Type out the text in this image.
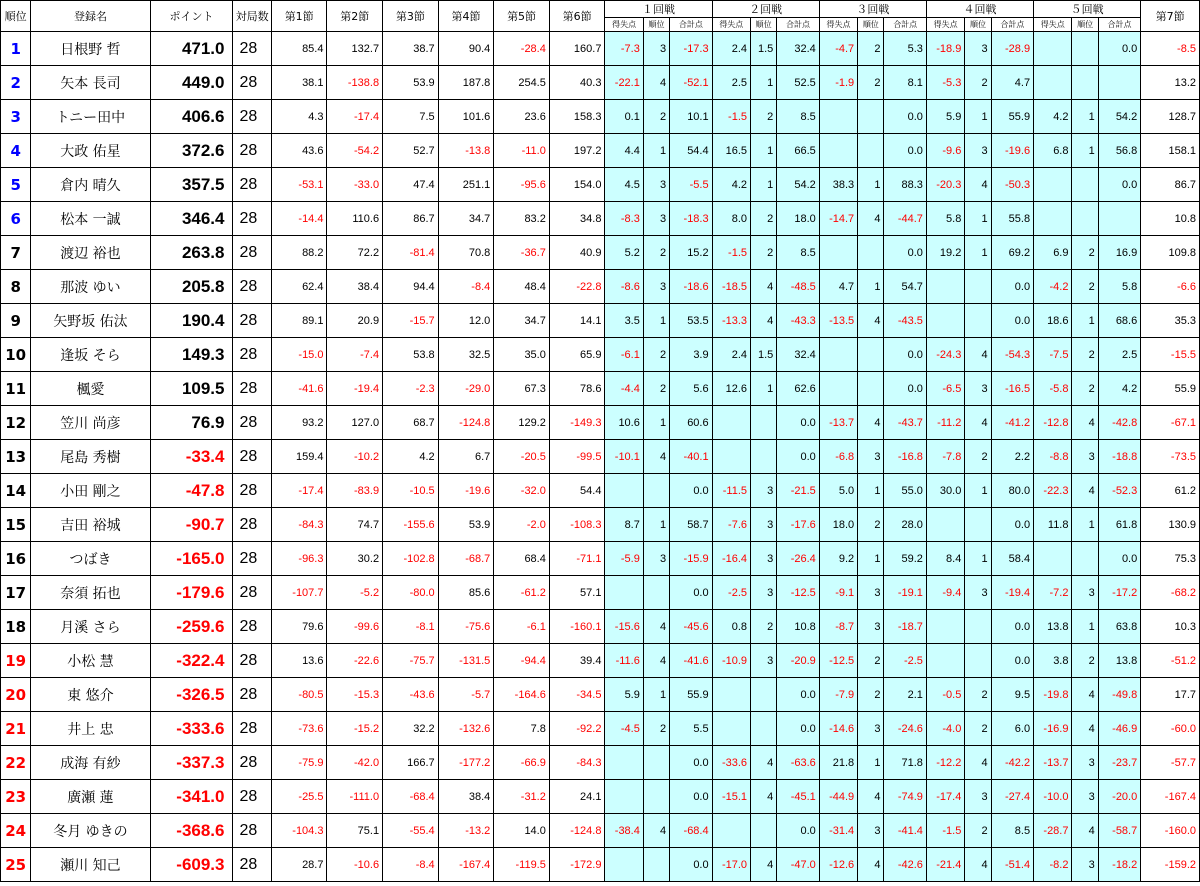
順位	登録名	ポイント	対局数	第1節	第2節	第3節	第4節	第5節	第6節	１回戦			２回戦			３回戦			４回戦			５回戦			第7節
										得失点	順位	合計点	得失点	順位	合計点	得失点	順位	合計点	得失点	順位	合計点	得失点	順位	合計点	
1	日根野 哲	471.0	28	85.4	132.7	38.7	90.4	-28.4	160.7	-7.3	3	-17.3	2.4	1.5	32.4	-4.7	2	5.3	-18.9	3	-28.9			0.0	-8.5
2	矢本 長司	449.0	28	38.1	-138.8	53.9	187.8	254.5	40.3	-22.1	4	-52.1	2.5	1	52.5	-1.9	2	8.1	-5.3	2	4.7				13.2
3	トニー田中	406.6	28	4.3	-17.4	7.5	101.6	23.6	158.3	0.1	2	10.1	-1.5	2	8.5			0.0	5.9	1	55.9	4.2	1	54.2	128.7
4	大政 佑星	372.6	28	43.6	-54.2	52.7	-13.8	-11.0	197.2	4.4	1	54.4	16.5	1	66.5			0.0	-9.6	3	-19.6	6.8	1	56.8	158.1
5	倉内 晴久	357.5	28	-53.1	-33.0	47.4	251.1	-95.6	154.0	4.5	3	-5.5	4.2	1	54.2	38.3	1	88.3	-20.3	4	-50.3			0.0	86.7
6	松本 一誠	346.4	28	-14.4	110.6	86.7	34.7	83.2	34.8	-8.3	3	-18.3	8.0	2	18.0	-14.7	4	-44.7	5.8	1	55.8				10.8
7	渡辺 裕也	263.8	28	88.2	72.2	-81.4	70.8	-36.7	40.9	5.2	2	15.2	-1.5	2	8.5			0.0	19.2	1	69.2	6.9	2	16.9	109.8
8	那波 ゆい	205.8	28	62.4	38.4	94.4	-8.4	48.4	-22.8	-8.6	3	-18.6	-18.5	4	-48.5	4.7	1	54.7			0.0	-4.2	2	5.8	-6.6
9	矢野坂 佑汰	190.4	28	89.1	20.9	-15.7	12.0	34.7	14.1	3.5	1	53.5	-13.3	4	-43.3	-13.5	4	-43.5			0.0	18.6	1	68.6	35.3
10	逢坂 そら	149.3	28	-15.0	-7.4	53.8	32.5	35.0	65.9	-6.1	2	3.9	2.4	1.5	32.4			0.0	-24.3	4	-54.3	-7.5	2	2.5	-15.5
11	楓愛	109.5	28	-41.6	-19.4	-2.3	-29.0	67.3	78.6	-4.4	2	5.6	12.6	1	62.6			0.0	-6.5	3	-16.5	-5.8	2	4.2	55.9
12	笠川 尚彦	76.9	28	93.2	127.0	68.7	-124.8	129.2	-149.3	10.6	1	60.6			0.0	-13.7	4	-43.7	-11.2	4	-41.2	-12.8	4	-42.8	-67.1
13	尾島 秀樹	-33.4	28	159.4	-10.2	4.2	6.7	-20.5	-99.5	-10.1	4	-40.1			0.0	-6.8	3	-16.8	-7.8	2	2.2	-8.8	3	-18.8	-73.5
14	小田 剛之	-47.8	28	-17.4	-83.9	-10.5	-19.6	-32.0	54.4			0.0	-11.5	3	-21.5	5.0	1	55.0	30.0	1	80.0	-22.3	4	-52.3	61.2
15	吉田 裕城	-90.7	28	-84.3	74.7	-155.6	53.9	-2.0	-108.3	8.7	1	58.7	-7.6	3	-17.6	18.0	2	28.0			0.0	11.8	1	61.8	130.9
16	つばき	-165.0	28	-96.3	30.2	-102.8	-68.7	68.4	-71.1	-5.9	3	-15.9	-16.4	3	-26.4	9.2	1	59.2	8.4	1	58.4			0.0	75.3
17	奈須 拓也	-179.6	28	-107.7	-5.2	-80.0	85.6	-61.2	57.1			0.0	-2.5	3	-12.5	-9.1	3	-19.1	-9.4	3	-19.4	-7.2	3	-17.2	-68.2
18	月溪 さら	-259.6	28	79.6	-99.6	-8.1	-75.6	-6.1	-160.1	-15.6	4	-45.6	0.8	2	10.8	-8.7	3	-18.7			0.0	13.8	1	63.8	10.3
19	小松 慧	-322.4	28	13.6	-22.6	-75.7	-131.5	-94.4	39.4	-11.6	4	-41.6	-10.9	3	-20.9	-12.5	2	-2.5			0.0	3.8	2	13.8	-51.2
20	東 悠介	-326.5	28	-80.5	-15.3	-43.6	-5.7	-164.6	-34.5	5.9	1	55.9			0.0	-7.9	2	2.1	-0.5	2	9.5	-19.8	4	-49.8	17.7
21	井上 忠	-333.6	28	-73.6	-15.2	32.2	-132.6	7.8	-92.2	-4.5	2	5.5			0.0	-14.6	3	-24.6	-4.0	2	6.0	-16.9	4	-46.9	-60.0
22	成海 有紗	-337.3	28	-75.9	-42.0	166.7	-177.2	-66.9	-84.3			0.0	-33.6	4	-63.6	21.8	1	71.8	-12.2	4	-42.2	-13.7	3	-23.7	-57.7
23	廣瀬 蓮	-341.0	28	-25.5	-111.0	-68.4	38.4	-31.2	24.1			0.0	-15.1	4	-45.1	-44.9	4	-74.9	-17.4	3	-27.4	-10.0	3	-20.0	-167.4
24	冬月 ゆきの	-368.6	28	-104.3	75.1	-55.4	-13.2	14.0	-124.8	-38.4	4	-68.4			0.0	-31.4	3	-41.4	-1.5	2	8.5	-28.7	4	-58.7	-160.0
25	瀬川 知己	-609.3	28	28.7	-10.6	-8.4	-167.4	-119.5	-172.9			0.0	-17.0	4	-47.0	-12.6	4	-42.6	-21.4	4	-51.4	-8.2	3	-18.2	-159.2
